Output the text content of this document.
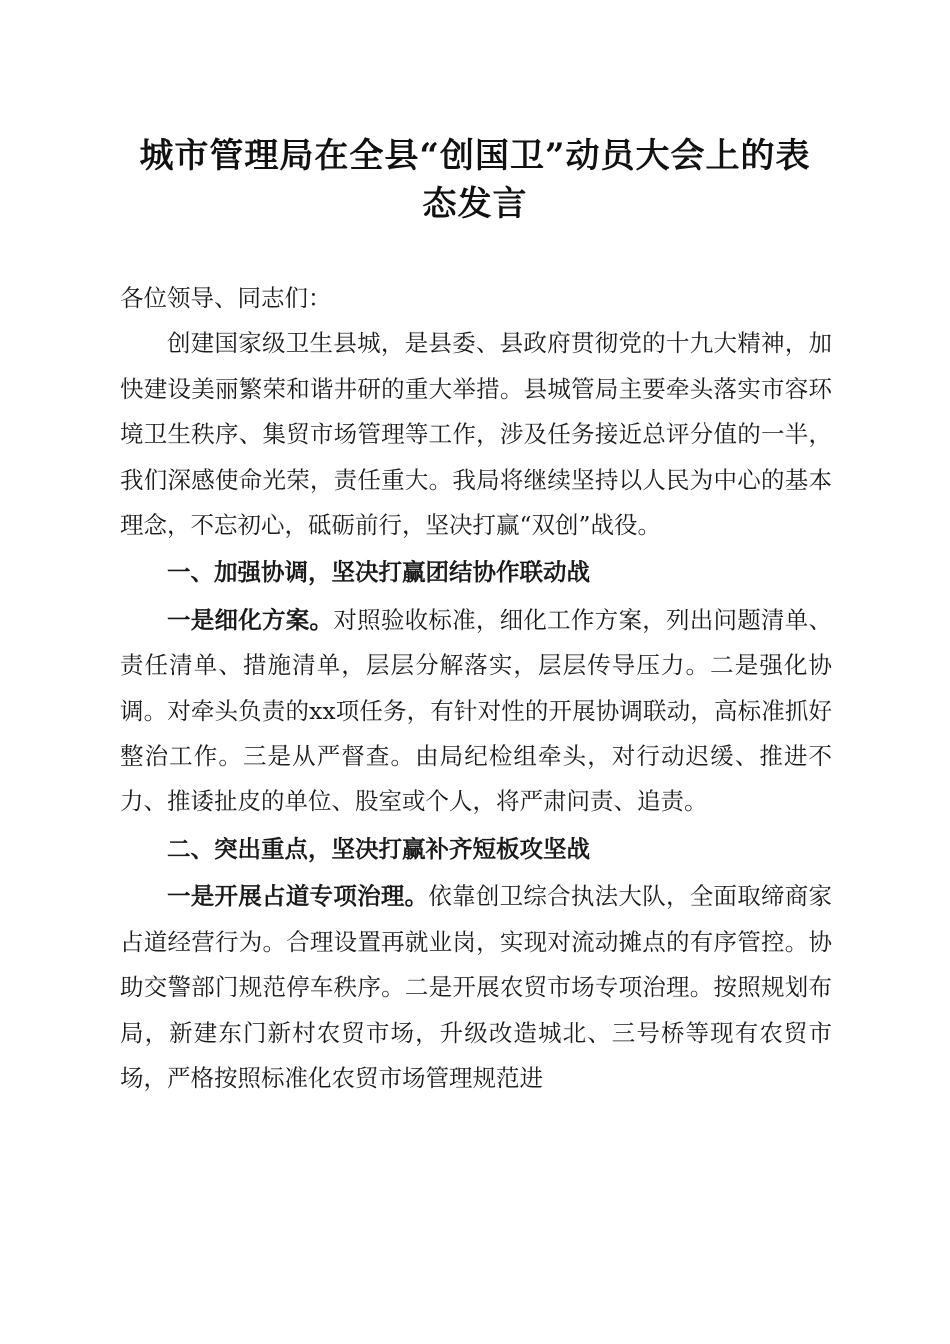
城市管理局在全县“创国卫”动员大会上的表
态发言

各位领导、同志们：

创建国家级卫生县城，是县委、县政府贯彻党的十九大精神，加快建设美丽繁荣和谐井研的重大举措。县城管局主要牵头落实市容环境卫生秩序、集贸市场管理等工作，涉及任务接近总评分值的一半，我们深感使命光荣，责任重大。我局将继续坚持以人民为中心的基本理念，不忘初心，砥砺前行，坚决打赢“双创”战役。

一、加强协调，坚决打赢团结协作联动战

一是细化方案。对照验收标准，细化工作方案，列出问题清单、责任清单、措施清单，层层分解落实，层层传导压力。二是强化协调。对牵头负责的xx项任务，有针对性的开展协调联动，高标准抓好整治工作。三是从严督查。由局纪检组牵头，对行动迟缓、推进不力、推诿扯皮的单位、股室或个人，将严肃问责、追责。

二、突出重点，坚决打赢补齐短板攻坚战

一是开展占道专项治理。依靠创卫综合执法大队，全面取缔商家占道经营行为。合理设置再就业岗，实现对流动摊点的有序管控。协助交警部门规范停车秩序。二是开展农贸市场专项治理。按照规划布局，新建东门新村农贸市场，升级改造城北、三号桥等现有农贸市场，严格按照标准化农贸市场管理规范进
